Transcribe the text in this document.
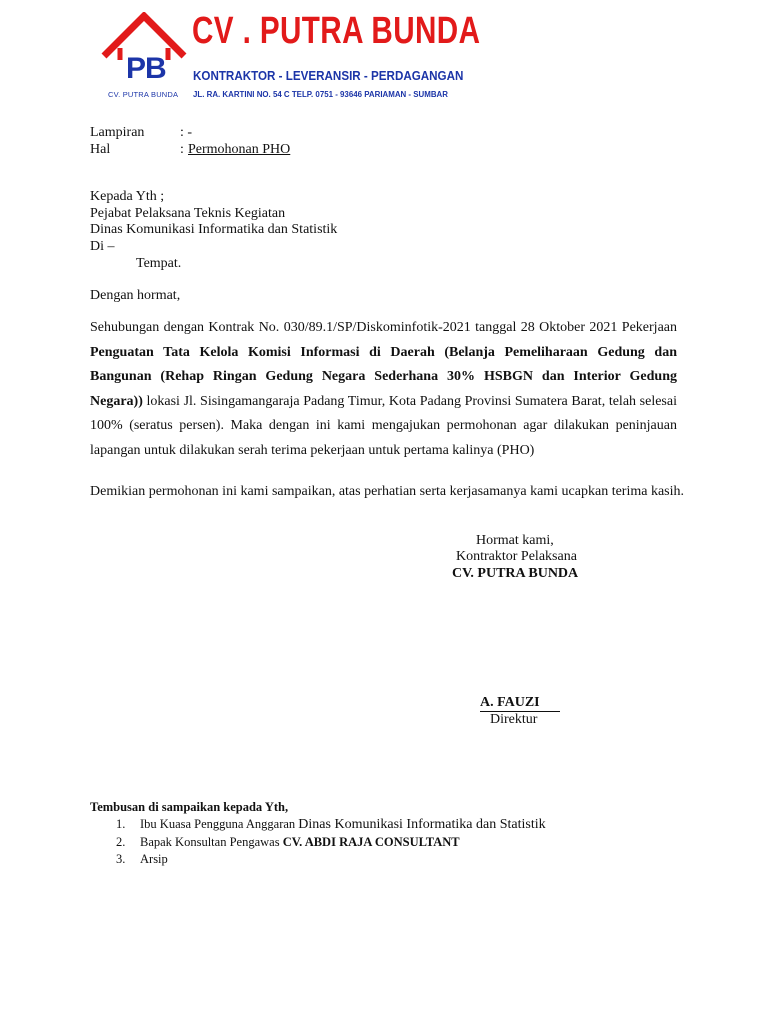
PB
CV. PUTRA BUNDA
CV . PUTRA BUNDA
KONTRAKTOR - LEVERANSIR - PERDAGANGAN
JL. RA. KARTINI NO. 54 C TELP. 0751 - 93646 PARIAMAN - SUMBAR
Lampiran	: -
Hal	: Permohonan PHO
Kepada Yth ;
Pejabat Pelaksana Teknis Kegiatan
Dinas Komunikasi Informatika dan Statistik
Di –
Tempat.
Dengan hormat,
Sehubungan dengan Kontrak No. 030/89.1/SP/Diskominfotik-2021 tanggal 28 Oktober 2021 Pekerjaan Penguatan Tata Kelola Komisi Informasi di Daerah (Belanja Pemeliharaan Gedung dan Bangunan (Rehap Ringan Gedung Negara Sederhana 30% HSBGN dan Interior Gedung Negara)) lokasi Jl. Sisingamangaraja Padang Timur, Kota Padang Provinsi Sumatera Barat, telah selesai 100% (seratus persen). Maka dengan ini kami mengajukan permohonan agar dilakukan peninjauan lapangan untuk dilakukan serah terima pekerjaan untuk pertama kalinya (PHO)
Demikian permohonan ini kami sampaikan, atas perhatian serta kerjasamanya kami ucapkan terima kasih.
Hormat kami,
Kontraktor Pelaksana
CV. PUTRA BUNDA
A. FAUZI
Direktur
Tembusan di sampaikan kepada Yth,
1. Ibu Kuasa Pengguna Anggaran Dinas Komunikasi Informatika dan Statistik
2. Bapak Konsultan Pengawas CV. ABDI RAJA CONSULTANT
3. Arsip
